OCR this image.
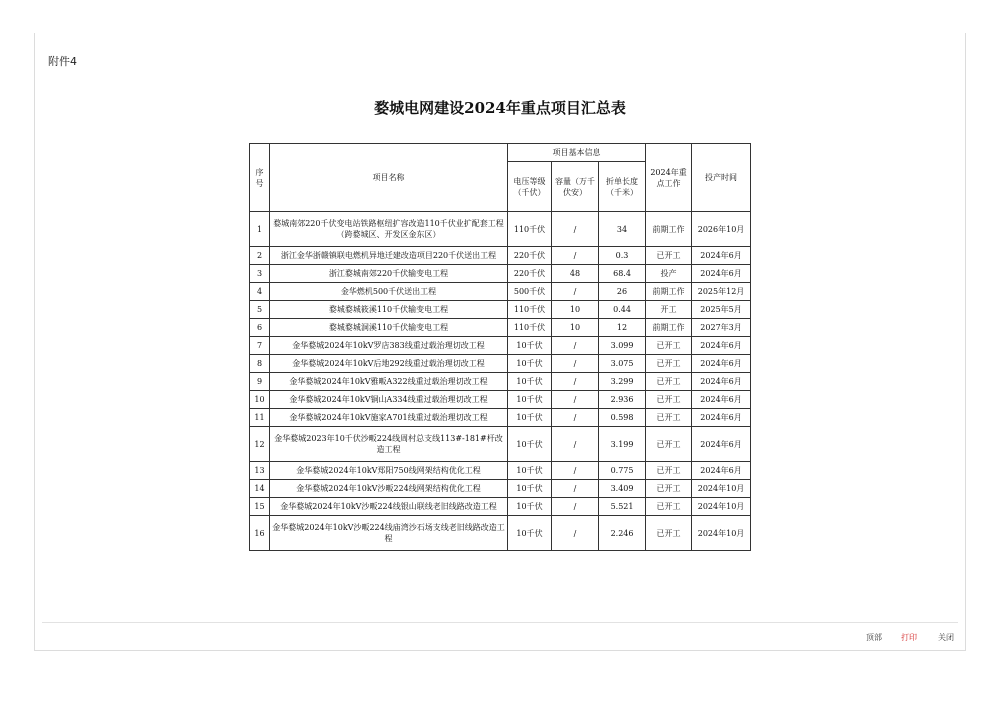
附件4
婺城电网建设2024年重点项目汇总表
序号	项目名称	项目基本信息			2024年重点工作	投产时间
		电压等级（千伏）	容量（万千伏安）	折单长度（千米）		
1	婺城南郊220千伏变电站铁路枢纽扩容改造110千伏业扩配套工程（跨婺城区、开发区金东区）	110千伏	/	34	前期工作	2026年10月
2	浙江金华浙赣镇联电燃机异地迁建改造项目220千伏送出工程	220千伏	/	0.3	已开工	2024年6月
3	浙江婺城南郊220千伏输变电工程	220千伏	48	68.4	投产	2024年6月
4	金华燃机500千伏送出工程	500千伏	/	26	前期工作	2025年12月
5	婺城婺城筱溪110千伏输变电工程	110千伏	10	0.44	开工	2025年5月
6	婺城婺城洞溪110千伏输变电工程	110千伏	10	12	前期工作	2027年3月
7	金华婺城2024年10kV罗店383线重过载治理切改工程	10千伏	/	3.099	已开工	2024年6月
8	金华婺城2024年10kV后地292线重过载治理切改工程	10千伏	/	3.075	已开工	2024年6月
9	金华婺城2024年10kV雅畈A322线重过载治理切改工程	10千伏	/	3.299	已开工	2024年6月
10	金华婺城2024年10kV铜山A334线重过载治理切改工程	10千伏	/	2.936	已开工	2024年6月
11	金华婺城2024年10kV施家A701线重过载治理切改工程	10千伏	/	0.598	已开工	2024年6月
12	金华婺城2023年10千伏沙畈224线周村总支线113#-181#杆改造工程	10千伏	/	3.199	已开工	2024年6月
13	金华婺城2024年10kV郑阳750线网架结构优化工程	10千伏	/	0.775	已开工	2024年6月
14	金华婺城2024年10kV沙畈224线网架结构优化工程	10千伏	/	3.409	已开工	2024年10月
15	金华婺城2024年10kV沙畈224线银山联线老旧线路改造工程	10千伏	/	5.521	已开工	2024年10月
16	金华婺城2024年10kV沙畈224线庙湾沙石场支线老旧线路改造工程	10千伏	/	2.246	已开工	2024年10月
顶部 打印	关闭
